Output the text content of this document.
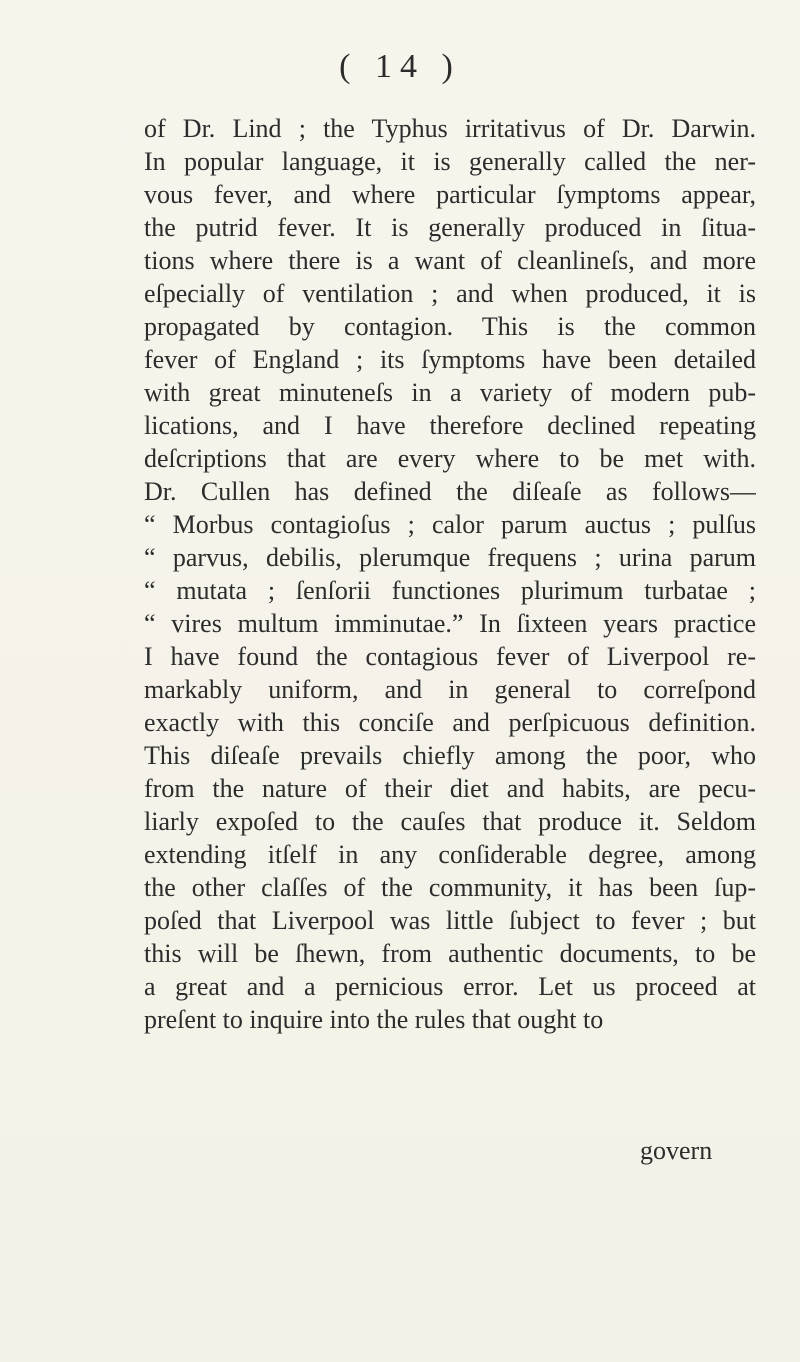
( 14 )
of Dr. Lind ; the Typhus irritativus of Dr. Darwin.
In popular language, it is generally called the ner-
vous fever, and where particular ſymptoms appear,
the putrid fever. It is generally produced in ſitua-
tions where there is a want of cleanlineſs, and more
eſpecially of ventilation ; and when produced, it is
propagated by contagion. This is the common
fever of England ; its ſymptoms have been detailed
with great minuteneſs in a variety of modern pub-
lications, and I have therefore declined repeating
deſcriptions that are every where to be met with.
Dr. Cullen has defined the diſeaſe as follows—
“ Morbus contagioſus ; calor parum auctus ; pulſus
“ parvus, debilis, plerumque frequens ; urina parum
“ mutata ; ſenſorii functiones plurimum turbatae ;
“ vires multum imminutae.” In ſixteen years practice
I have found the contagious fever of Liverpool re-
markably uniform, and in general to correſpond
exactly with this conciſe and perſpicuous definition.
This diſeaſe prevails chiefly among the poor, who
from the nature of their diet and habits, are pecu-
liarly expoſed to the cauſes that produce it. Seldom
extending itſelf in any conſiderable degree, among
the other claſſes of the community, it has been ſup-
poſed that Liverpool was little ſubject to fever ; but
this will be ſhewn, from authentic documents, to be
a great and a pernicious error. Let us proceed at
preſent to inquire into the rules that ought to
govern
